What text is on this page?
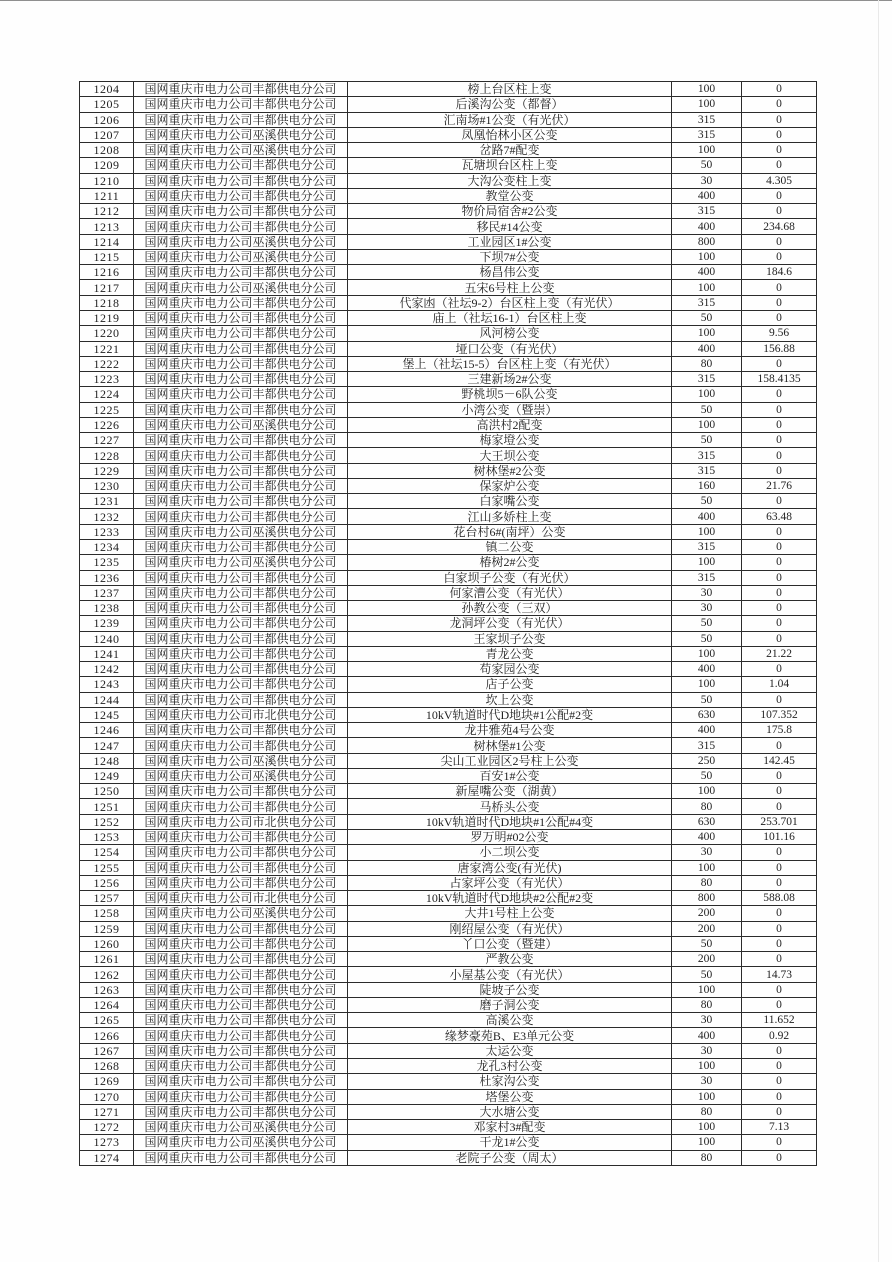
1204	国网重庆市电力公司丰都供电分公司	榜上台区柱上变	100	0
1205	国网重庆市电力公司丰都供电分公司	后溪沟公变（都督）	100	0
1206	国网重庆市电力公司丰都供电分公司	汇南场#1公变（有光伏）	315	0
1207	国网重庆市电力公司巫溪供电分公司	凤凰怡林小区公变	315	0
1208	国网重庆市电力公司巫溪供电分公司	岔路7#配变	100	0
1209	国网重庆市电力公司丰都供电分公司	瓦塘坝台区柱上变	50	0
1210	国网重庆市电力公司丰都供电分公司	大沟公变柱上变	30	4.305
1211	国网重庆市电力公司丰都供电分公司	教堂公变	400	0
1212	国网重庆市电力公司丰都供电分公司	物价局宿舍#2公变	315	0
1213	国网重庆市电力公司丰都供电分公司	移民#14公变	400	234.68
1214	国网重庆市电力公司巫溪供电分公司	工业园区1#公变	800	0
1215	国网重庆市电力公司巫溪供电分公司	下坝7#公变	100	0
1216	国网重庆市电力公司丰都供电分公司	杨昌伟公变	400	184.6
1217	国网重庆市电力公司巫溪供电分公司	五宋6号柱上公变	100	0
1218	国网重庆市电力公司丰都供电分公司	代家凼（社坛9-2）台区柱上变（有光伏）	315	0
1219	国网重庆市电力公司丰都供电分公司	庙上（社坛16-1）台区柱上变	50	0
1220	国网重庆市电力公司丰都供电分公司	风河榜公变	100	9.56
1221	国网重庆市电力公司丰都供电分公司	垭口公变（有光伏）	400	156.88
1222	国网重庆市电力公司丰都供电分公司	堡上（社坛15-5）台区柱上变（有光伏）	80	0
1223	国网重庆市电力公司丰都供电分公司	三建新场2#公变	315	158.4135
1224	国网重庆市电力公司丰都供电分公司	野桃坝5－6队公变	100	0
1225	国网重庆市电力公司丰都供电分公司	小湾公变（暨崇）	50	0
1226	国网重庆市电力公司巫溪供电分公司	高洪村2配变	100	0
1227	国网重庆市电力公司丰都供电分公司	梅家墱公变	50	0
1228	国网重庆市电力公司丰都供电分公司	大王坝公变	315	0
1229	国网重庆市电力公司丰都供电分公司	树林堡#2公变	315	0
1230	国网重庆市电力公司丰都供电分公司	保家炉公变	160	21.76
1231	国网重庆市电力公司丰都供电分公司	白家嘴公变	50	0
1232	国网重庆市电力公司丰都供电分公司	江山多娇柱上变	400	63.48
1233	国网重庆市电力公司巫溪供电分公司	花台村6#(南坪）公变	100	0
1234	国网重庆市电力公司丰都供电分公司	镇二公变	315	0
1235	国网重庆市电力公司巫溪供电分公司	椿树2#公变	100	0
1236	国网重庆市电力公司丰都供电分公司	白家坝子公变（有光伏）	315	0
1237	国网重庆市电力公司丰都供电分公司	何家漕公变（有光伏）	30	0
1238	国网重庆市电力公司丰都供电分公司	孙教公变（三双）	30	0
1239	国网重庆市电力公司丰都供电分公司	龙洞坪公变（有光伏）	50	0
1240	国网重庆市电力公司丰都供电分公司	王家坝子公变	50	0
1241	国网重庆市电力公司丰都供电分公司	青龙公变	100	21.22
1242	国网重庆市电力公司丰都供电分公司	苟家园公变	400	0
1243	国网重庆市电力公司丰都供电分公司	店子公变	100	1.04
1244	国网重庆市电力公司丰都供电分公司	坎上公变	50	0
1245	国网重庆市电力公司市北供电分公司	10kV轨道时代D地块#1公配#2变	630	107.352
1246	国网重庆市电力公司丰都供电分公司	龙井雅苑4号公变	400	175.8
1247	国网重庆市电力公司丰都供电分公司	树林堡#1公变	315	0
1248	国网重庆市电力公司巫溪供电分公司	尖山工业园区2号柱上公变	250	142.45
1249	国网重庆市电力公司巫溪供电分公司	百安1#公变	50	0
1250	国网重庆市电力公司丰都供电分公司	新屋嘴公变（湖黄）	100	0
1251	国网重庆市电力公司丰都供电分公司	马桥头公变	80	0
1252	国网重庆市电力公司市北供电分公司	10kV轨道时代D地块#1公配#4变	630	253.701
1253	国网重庆市电力公司丰都供电分公司	罗万明#02公变	400	101.16
1254	国网重庆市电力公司丰都供电分公司	小二坝公变	30	0
1255	国网重庆市电力公司丰都供电分公司	唐家湾公变(有光伏)	100	0
1256	国网重庆市电力公司丰都供电分公司	占家坪公变（有光伏）	80	0
1257	国网重庆市电力公司市北供电分公司	10kV轨道时代D地块#2公配#2变	800	588.08
1258	国网重庆市电力公司巫溪供电分公司	大井1号柱上公变	200	0
1259	国网重庆市电力公司丰都供电分公司	刚绍屋公变（有光伏）	200	0
1260	国网重庆市电力公司丰都供电分公司	丫口公变（暨建）	50	0
1261	国网重庆市电力公司丰都供电分公司	严教公变	200	0
1262	国网重庆市电力公司丰都供电分公司	小屋基公变（有光伏）	50	14.73
1263	国网重庆市电力公司丰都供电分公司	陡坡子公变	100	0
1264	国网重庆市电力公司丰都供电分公司	磨子洞公变	80	0
1265	国网重庆市电力公司丰都供电分公司	高溪公变	30	11.652
1266	国网重庆市电力公司丰都供电分公司	缘梦豪苑B、E3单元公变	400	0.92
1267	国网重庆市电力公司丰都供电分公司	太运公变	30	0
1268	国网重庆市电力公司丰都供电分公司	龙孔3村公变	100	0
1269	国网重庆市电力公司丰都供电分公司	杜家沟公变	30	0
1270	国网重庆市电力公司丰都供电分公司	塔堡公变	100	0
1271	国网重庆市电力公司丰都供电分公司	大水塘公变	80	0
1272	国网重庆市电力公司巫溪供电分公司	邓家村3#配变	100	7.13
1273	国网重庆市电力公司巫溪供电分公司	干龙1#公变	100	0
1274	国网重庆市电力公司丰都供电分公司	老院子公变（周太）	80	0
